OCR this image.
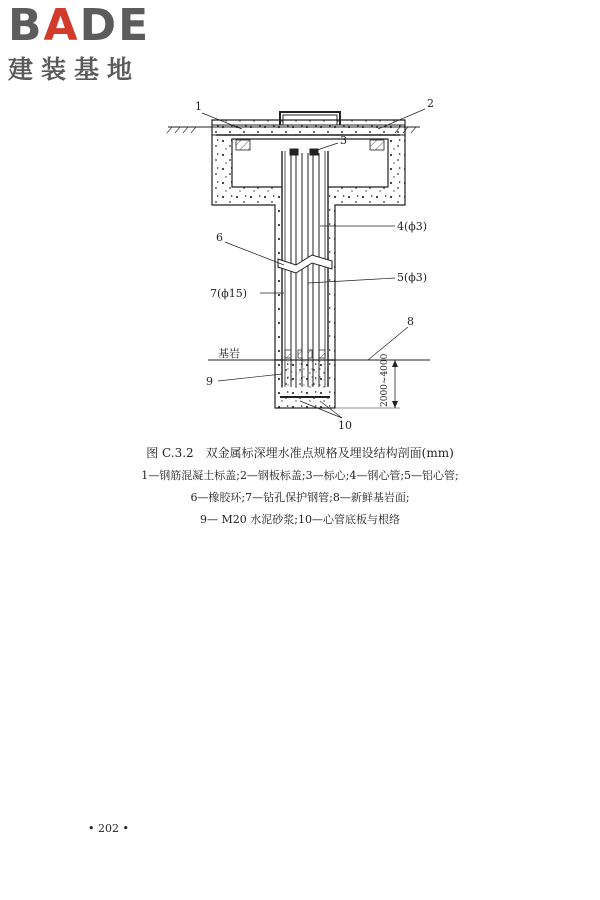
BADE
建装基地
1	2
3
4(ϕ3)
6
5(ϕ3)
7(ϕ15)
8
基岩
9
10
2000~4000
图 C.3.2　双金属标深埋水准点规格及埋设结构剖面(mm)
1—钢筋混凝土标盖;2—钢板标盖;3—标心;4—钢心管;5—铝心管;
6—橡胶环;7—钻孔保护钢管;8—新鲜基岩面;
9— M20 水泥砂浆;10—心管底板与根络
• 202 •
